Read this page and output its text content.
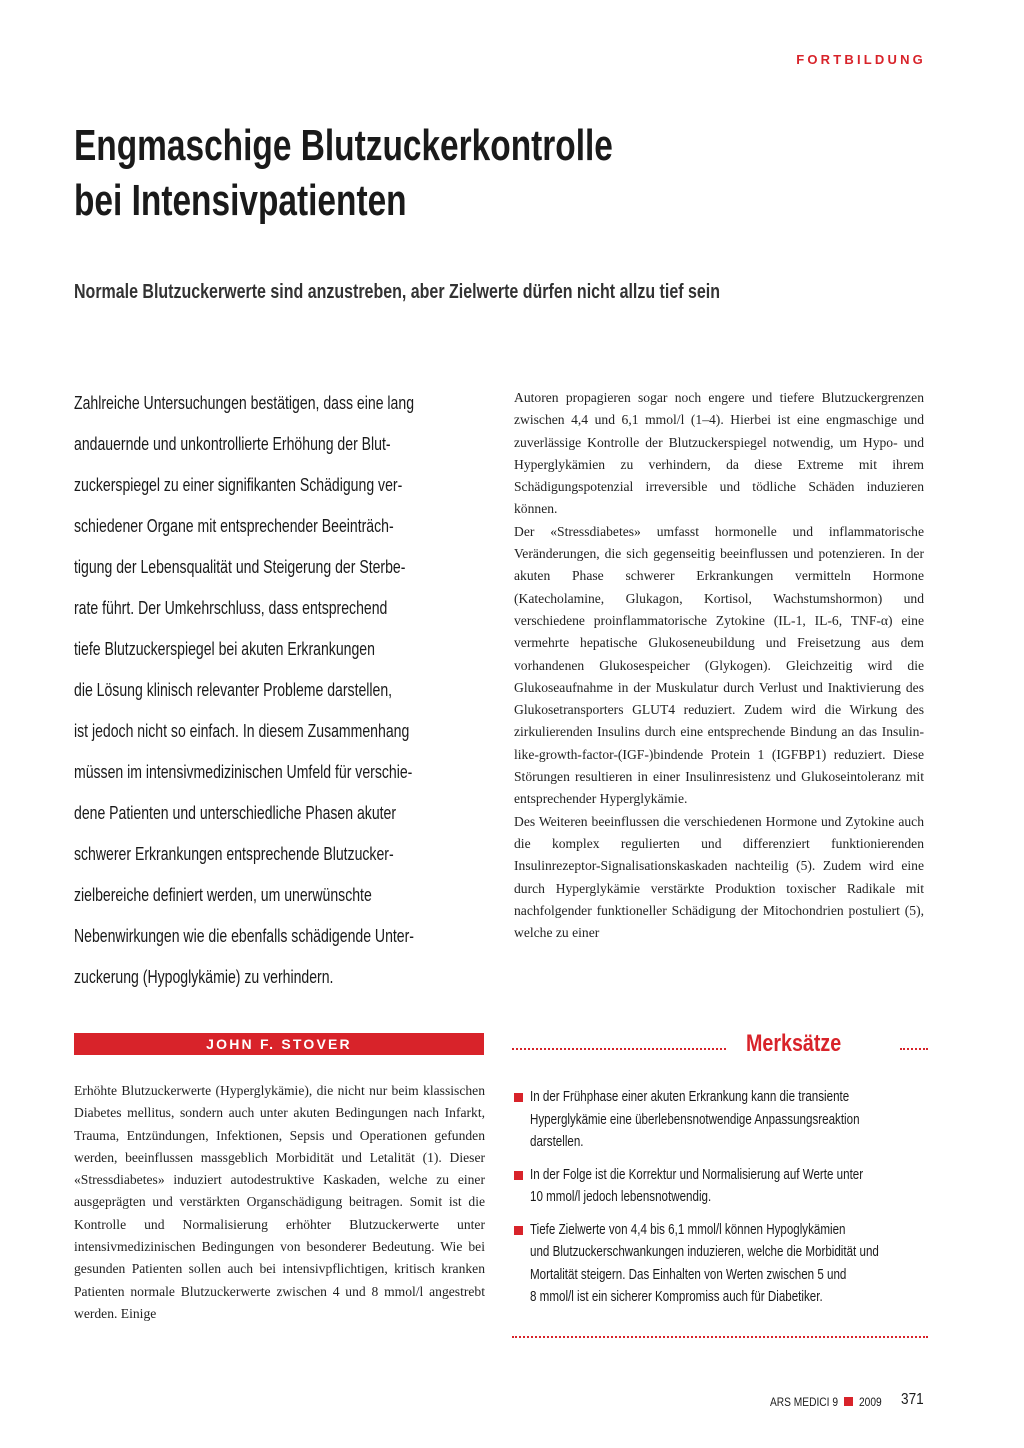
FORTBILDUNG
Engmaschige Blutzuckerkontrolle
bei Intensivpatienten
Normale Blutzuckerwerte sind anzustreben, aber Zielwerte dürfen nicht allzu tief sein
Zahlreiche Untersuchungen bestätigen, dass eine lang
andauernde und unkontrollierte Erhöhung der Blut-
zuckerspiegel zu einer signifikanten Schädigung ver-
schiedener Organe mit entsprechender Beeinträch-
tigung der Lebensqualität und Steigerung der Sterbe-
rate führt. Der Umkehrschluss, dass entsprechend
tiefe Blutzuckerspiegel bei akuten Erkrankungen
die Lösung klinisch relevanter Probleme darstellen,
ist jedoch nicht so einfach. In diesem Zusammenhang
müssen im intensivmedizinischen Umfeld für verschie-
dene Patienten und unterschiedliche Phasen akuter
schwerer Erkrankungen entsprechende Blutzucker-
zielbereiche definiert werden, um unerwünschte
Nebenwirkungen wie die ebenfalls schädigende Unter-
zuckerung (Hypoglykämie) zu verhindern.

Autoren propagieren sogar noch engere und tiefere Blutzuckergrenzen zwischen 4,4 und 6,1 mmol/l (1–4). Hierbei ist eine engmaschige und zuverlässige Kontrolle der Blutzuckerspiegel notwendig, um Hypo- und Hyperglykämien zu verhindern, da diese Extreme mit ihrem Schädigungspotenzial irreversible und tödliche Schäden induzieren können.

Der «Stressdiabetes» umfasst hormonelle und inflammatorische Veränderungen, die sich gegenseitig beeinflussen und potenzieren. In der akuten Phase schwerer Erkrankungen vermitteln Hormone (Katecholamine, Glukagon, Kortisol, Wachstumshormon) und verschiedene proinflammatorische Zytokine (IL-1, IL-6, TNF-α) eine vermehrte hepatische Glukoseneubildung und Freisetzung aus dem vorhandenen Glukosespeicher (Glykogen). Gleichzeitig wird die Glukoseaufnahme in der Muskulatur durch Verlust und Inaktivierung des Glukosetransporters GLUT4 reduziert. Zudem wird die Wirkung des zirkulierenden Insulins durch eine entsprechende Bindung an das Insulin-like-growth-factor-(IGF-)bindende Protein 1 (IGFBP1) reduziert. Diese Störungen resultieren in einer Insulinresistenz und Glukoseintoleranz mit entsprechender Hyperglykämie.

Des Weiteren beeinflussen die verschiedenen Hormone und Zytokine auch die komplex regulierten und differenziert funktionierenden Insulinrezeptor-Signalisationskaskaden nachteilig (5). Zudem wird eine durch Hyperglykämie verstärkte Produktion toxischer Radikale mit nachfolgender funktioneller Schädigung der Mitochondrien postuliert (5), welche zu einer

JOHN F. STOVER

Erhöhte Blutzuckerwerte (Hyperglykämie), die nicht nur beim klassischen Diabetes mellitus, sondern auch unter akuten Bedingungen nach Infarkt, Trauma, Entzündungen, Infektionen, Sepsis und Operationen gefunden werden, beeinflussen massgeblich Morbidität und Letalität (1). Dieser «Stressdiabetes» induziert autodestruktive Kaskaden, welche zu einer ausgeprägten und verstärkten Organschädigung beitragen. Somit ist die Kontrolle und Normalisierung erhöhter Blutzuckerwerte unter intensivmedizinischen Bedingungen von besonderer Bedeutung. Wie bei gesunden Patienten sollen auch bei intensivpflichtigen, kritisch kranken Patienten normale Blutzuckerwerte zwischen 4 und 8 mmol/l angestrebt werden. Einige

Merksätze
In der Frühphase einer akuten Erkrankung kann die transiente
Hyperglykämie eine überlebensnotwendige Anpassungsreaktion
darstellen.
In der Folge ist die Korrektur und Normalisierung auf Werte unter
10 mmol/l jedoch lebensnotwendig.
Tiefe Zielwerte von 4,4 bis 6,1 mmol/l können Hypoglykämien
und Blutzuckerschwankungen induzieren, welche die Morbidität und
Mortalität steigern. Das Einhalten von Werten zwischen 5 und
8 mmol/l ist ein sicherer Kompromiss auch für Diabetiker.
ARS MEDICI 9 2009 371
